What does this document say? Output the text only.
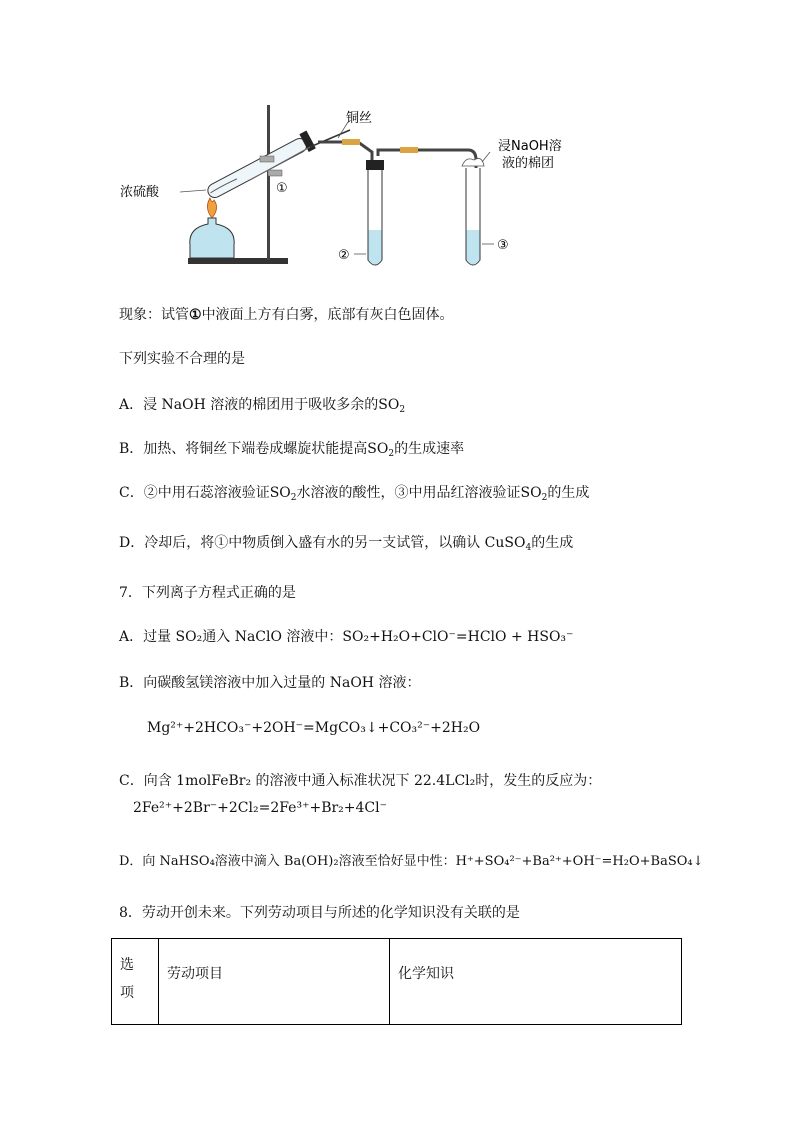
铜丝
浸NaOH溶
液的棉团
浓硫酸	①
②
③
现象：试管①中液面上方有白雾，底部有灰白色固体。
下列实验不合理的是
A．浸 NaOH 溶液的棉团用于吸收多余的$SO_2$
B．加热、将铜丝下端卷成螺旋状能提高$SO_2$的生成速率
C．②中用石蕊溶液验证$SO_2$水溶液的酸性，③中用品红溶液验证$SO_2$的生成
D．冷却后，将①中物质倒入盛有水的另一支试管，以确认 CuSO$_4$的生成
7．下列离子方程式正确的是
A．过量 SO₂通入 NaClO 溶液中：SO₂+H₂O+ClO⁻=HClO + HSO₃⁻
B．向碳酸氢镁溶液中加入过量的 NaOH 溶液：
Mg²⁺+2HCO₃⁻+2OH⁻=MgCO₃↓+CO₃²⁻+2H₂O
C．向含 1molFeBr₂ 的溶液中通入标准状况下 22.4LCl₂时，发生的反应为：
2Fe²⁺+2Br⁻+2Cl₂=2Fe³⁺+Br₂+4Cl⁻
D．向 NaHSO₄溶液中滴入 Ba(OH)₂溶液至恰好显中性：H⁺+SO₄²⁻+Ba²⁺+OH⁻=H₂O+BaSO₄↓
8．劳动开创未来。下列劳动项目与所述的化学知识没有关联的是
选
项
	劳动项目	化学知识
